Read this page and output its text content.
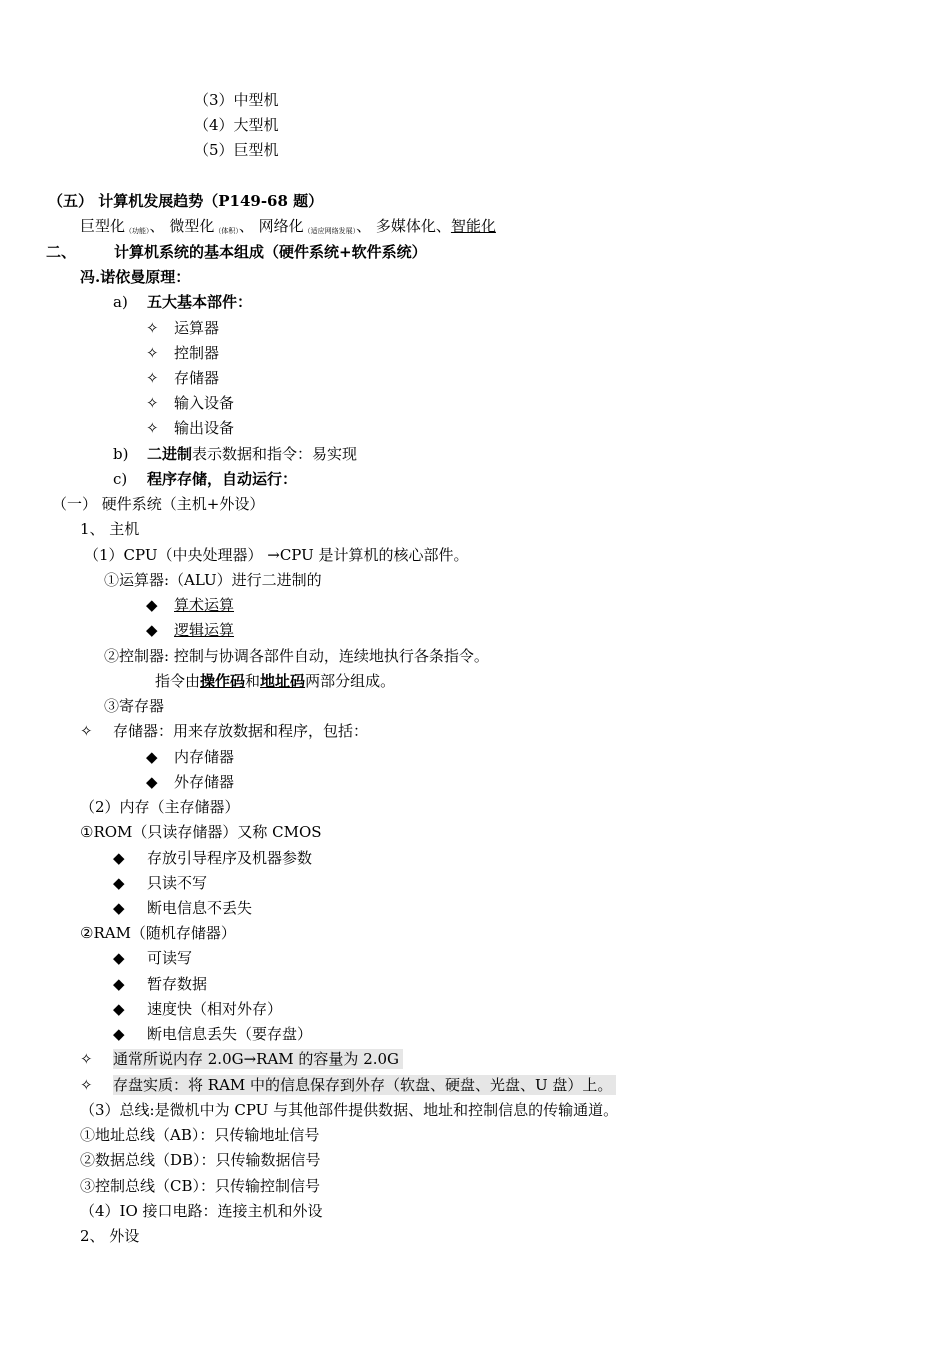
（3）中型机
（4）大型机
（5）巨型机
（五） 计算机发展趋势（P149-68 题）
巨型化（功能）、 微型化（体积）、 网络化（适应网络发展）、 多媒体化、智能化
二、	计算机系统的基本组成（硬件系统+软件系统）
冯.诺依曼原理：
a) 五大基本部件：
✧ 运算器
✧ 控制器
✧ 存储器
✧ 输入设备
✧ 输出设备
b) 二进制表示数据和指令：易实现
c) 程序存储，自动运行：
（一） 硬件系统（主机+外设）
1、 主机
（1）CPU（中央处理器） →CPU 是计算机的核心部件。
①运算器:（ALU）进行二进制的
◆ 算术运算
◆ 逻辑运算
②控制器: 控制与协调各部件自动，连续地执行各条指令。
指令由操作码和地址码两部分组成。
③寄存器
✧ 存储器：用来存放数据和程序，包括：
◆ 内存储器
◆ 外存储器
（2）内存（主存储器）
①ROM（只读存储器）又称 CMOS
◆ 存放引导程序及机器参数
◆ 只读不写
◆ 断电信息不丢失
②RAM（随机存储器）
◆ 可读写
◆ 暂存数据
◆ 速度快（相对外存）
◆ 断电信息丢失（要存盘）
✧ 通常所说内存 2.0G→RAM 的容量为 2.0G
✧ 存盘实质：将 RAM 中的信息保存到外存（软盘、硬盘、光盘、U 盘）上。
（3）总线:是微机中为 CPU 与其他部件提供数据、地址和控制信息的传输通道。
①地址总线（AB）：只传输地址信号
②数据总线（DB）：只传输数据信号
③控制总线（CB）：只传输控制信号
（4）IO 接口电路：连接主机和外设
2、 外设
